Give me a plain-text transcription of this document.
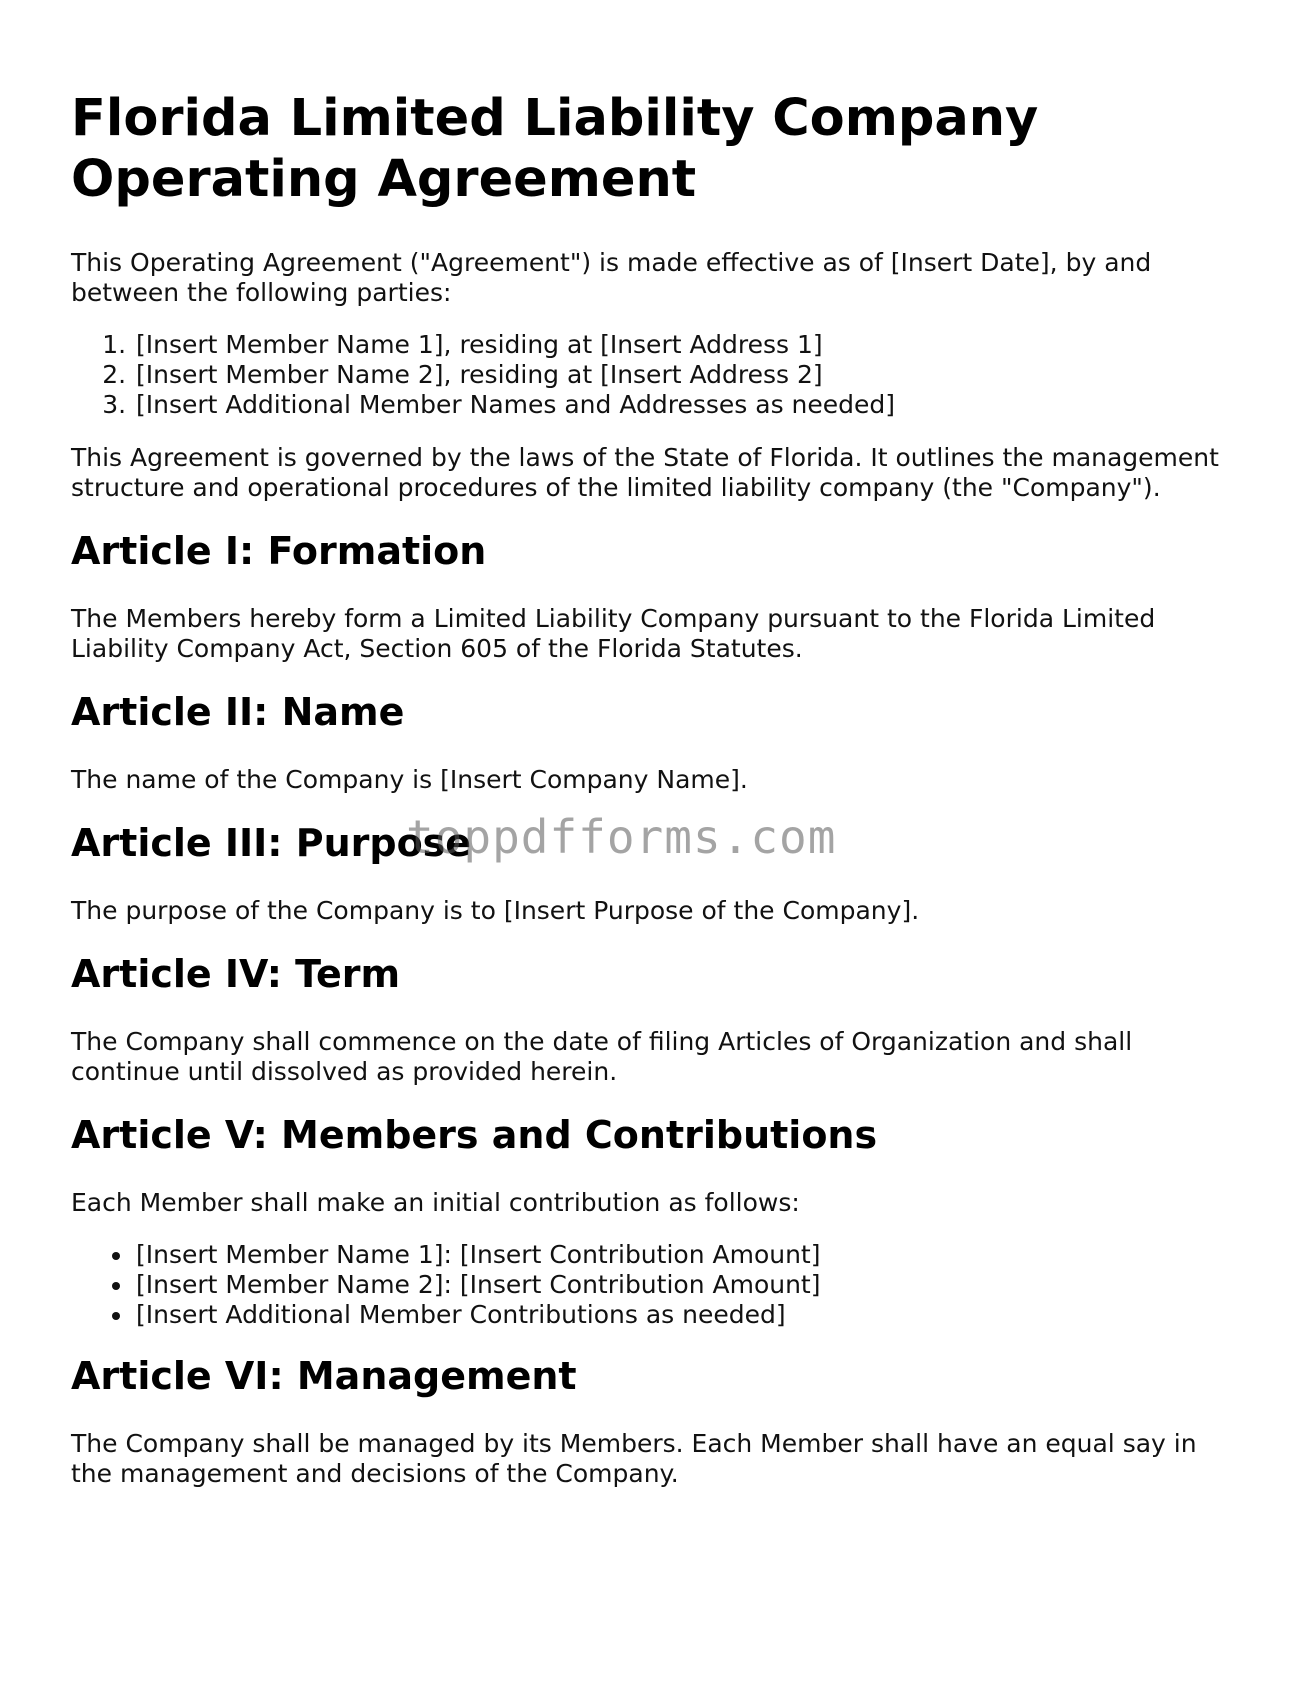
Florida Limited Liability Company Operating Agreement

This Operating Agreement ("Agreement") is made effective as of [Insert Date], by and between the following parties:

1. [Insert Member Name 1], residing at [Insert Address 1]
2. [Insert Member Name 2], residing at [Insert Address 2]
3. [Insert Additional Member Names and Addresses as needed]

This Agreement is governed by the laws of the State of Florida. It outlines the management structure and operational procedures of the limited liability company (the "Company").

Article I: Formation

The Members hereby form a Limited Liability Company pursuant to the Florida Limited Liability Company Act, Section 605 of the Florida Statutes.

Article II: Name

The name of the Company is [Insert Company Name].

Article III: Purpose

The purpose of the Company is to [Insert Purpose of the Company].

Article IV: Term

The Company shall commence on the date of filing Articles of Organization and shall continue until dissolved as provided herein.

Article V: Members and Contributions

Each Member shall make an initial contribution as follows:

• [Insert Member Name 1]: [Insert Contribution Amount]
• [Insert Member Name 2]: [Insert Contribution Amount]
• [Insert Additional Member Contributions as needed]
Article VI: Management

The Company shall be managed by its Members. Each Member shall have an equal say in the management and decisions of the Company.

toppdfforms.com
